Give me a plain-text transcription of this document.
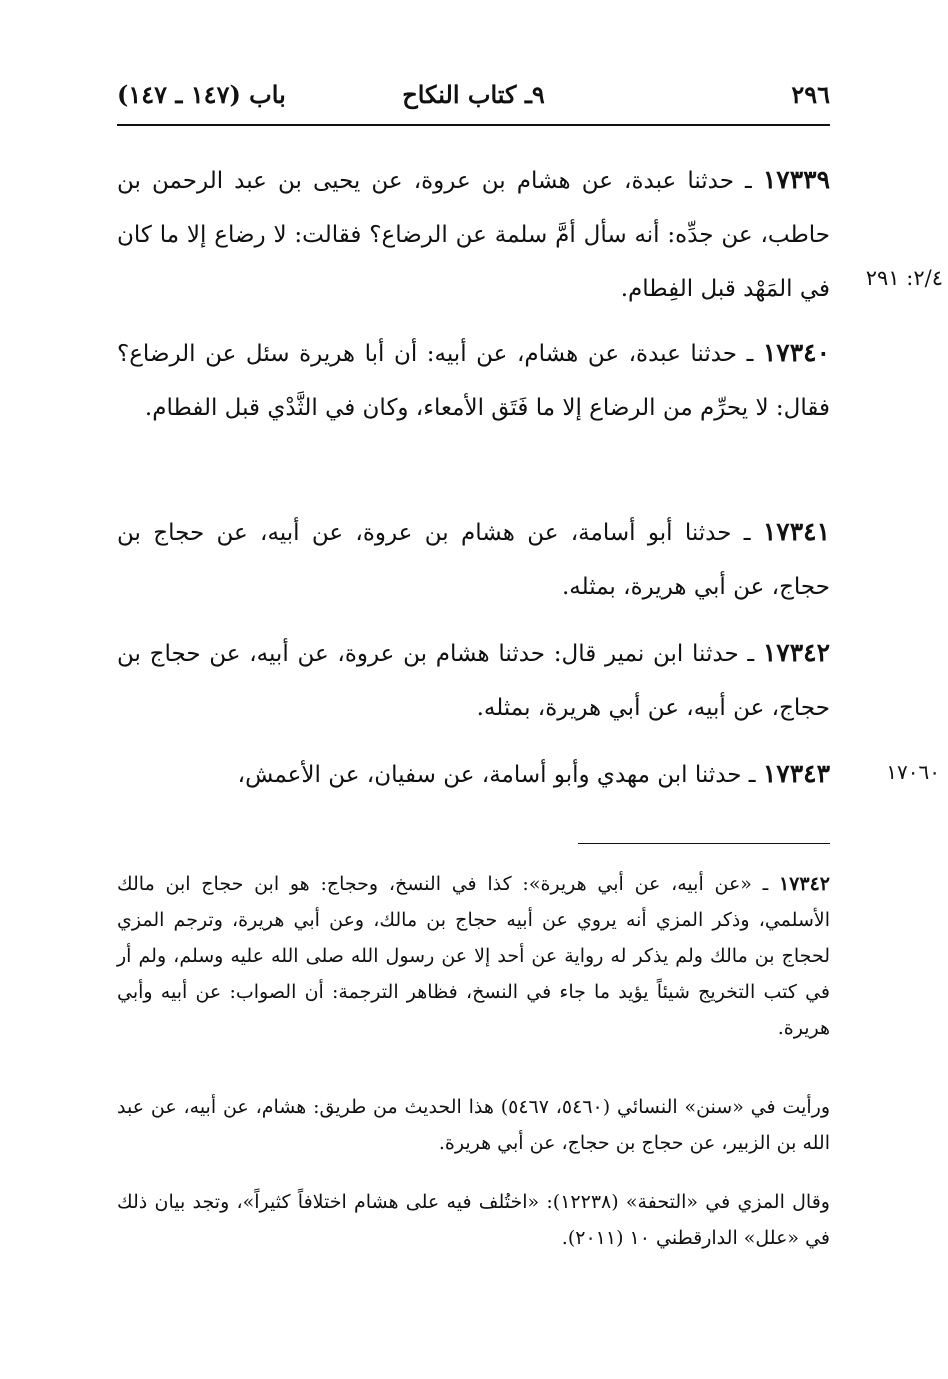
٢٩٦
٩ـ كتاب النكاح
باب (١٤٧ ـ ١٤٧)
١٧٣٣٩ ـ حدثنا عبدة، عن هشام بن عروة، عن يحيى بن عبد الرحمن بن حاطب، عن جدِّه: أنه سأل أمَّ سلمة عن الرضاع؟ فقالت: لا رضاع إلا ما كان في المَهْد قبل الفِطام.	٢/٤: ٢٩١
١٧٣٤٠ ـ حدثنا عبدة، عن هشام، عن أبيه: أن أبا هريرة سئل عن الرضاع؟ فقال: لا يحرِّم من الرضاع إلا ما فَتَق الأمعاء، وكان في الثَّدْي قبل الفطام.
١٧٣٤١ ـ حدثنا أبو أسامة، عن هشام بن عروة، عن أبيه، عن حجاج بن حجاج، عن أبي هريرة، بمثله.
١٧٣٤٢ ـ حدثنا ابن نمير قال: حدثنا هشام بن عروة، عن أبيه، عن حجاج بن حجاج، عن أبيه، عن أبي هريرة، بمثله.
١٧٣٤٣ ـ حدثنا ابن مهدي وأبو أسامة، عن سفيان، عن الأعمش،	١٧٠٦٠
١٧٣٤٢ ـ «عن أبيه، عن أبي هريرة»: كذا في النسخ، وحجاج: هو ابن حجاج ابن مالك الأسلمي، وذكر المزي أنه يروي عن أبيه حجاج بن مالك، وعن أبي هريرة، وترجم المزي لحجاج بن مالك ولم يذكر له رواية عن أحد إلا عن رسول الله صلى الله عليه وسلم، ولم أر في كتب التخريج شيئاً يؤيد ما جاء في النسخ، فظاهر الترجمة: أن الصواب: عن أبيه وأبي هريرة.
ورأيت في «سنن» النسائي (٥٤٦٠، ٥٤٦٧) هذا الحديث من طريق: هشام، عن أبيه، عن عبد الله بن الزبير، عن حجاج بن حجاج، عن أبي هريرة.
وقال المزي في «التحفة» (١٢٢٣٨): «اختُلف فيه على هشام اختلافاً كثيراً»، وتجد بيان ذلك في «علل» الدارقطني ١٠ (٢٠١١).
